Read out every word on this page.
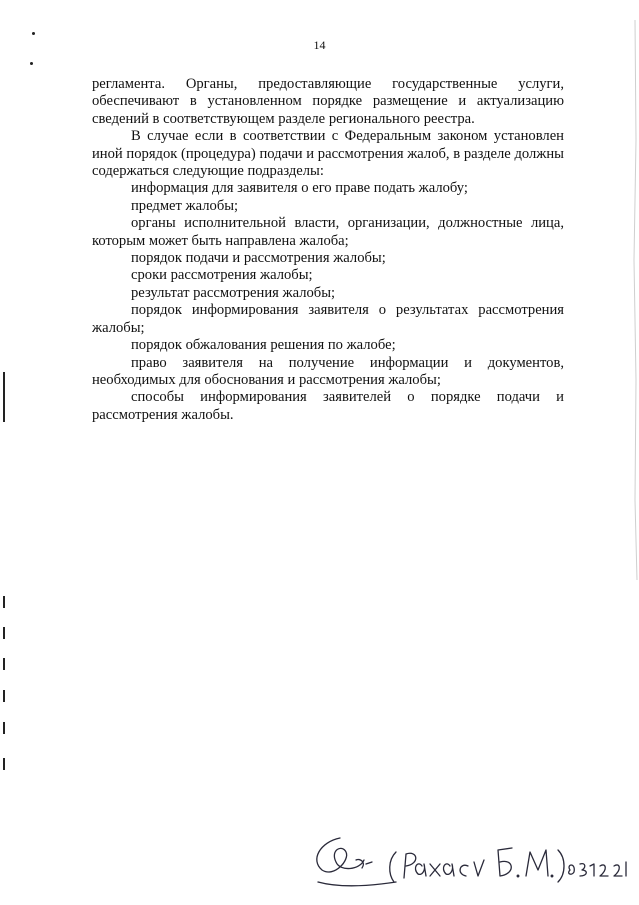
14

регламента. Органы, предоставляющие государственные услуги, обеспечивают в установленном порядке размещение и актуализацию сведений в соответствующем разделе регионального реестра.

В случае если в соответствии с Федеральным законом установлен иной порядок (процедура) подачи и рассмотрения жалоб, в разделе должны содержаться следующие подразделы:

информация для заявителя о его праве подать жалобу;

предмет жалобы;

органы исполнительной власти, организации, должностные лица, которым может быть направлена жалоба;

порядок подачи и рассмотрения жалобы;

сроки рассмотрения жалобы;

результат рассмотрения жалобы;

порядок информирования заявителя о результатах рассмотрения жалобы;

порядок обжалования решения по жалобе;

право заявителя на получение информации и документов, необходимых для обоснования и рассмотрения жалобы;

способы информирования заявителей о порядке подачи и рассмотрения жалобы.

(Рахаев Б.М.) 03.12.201
